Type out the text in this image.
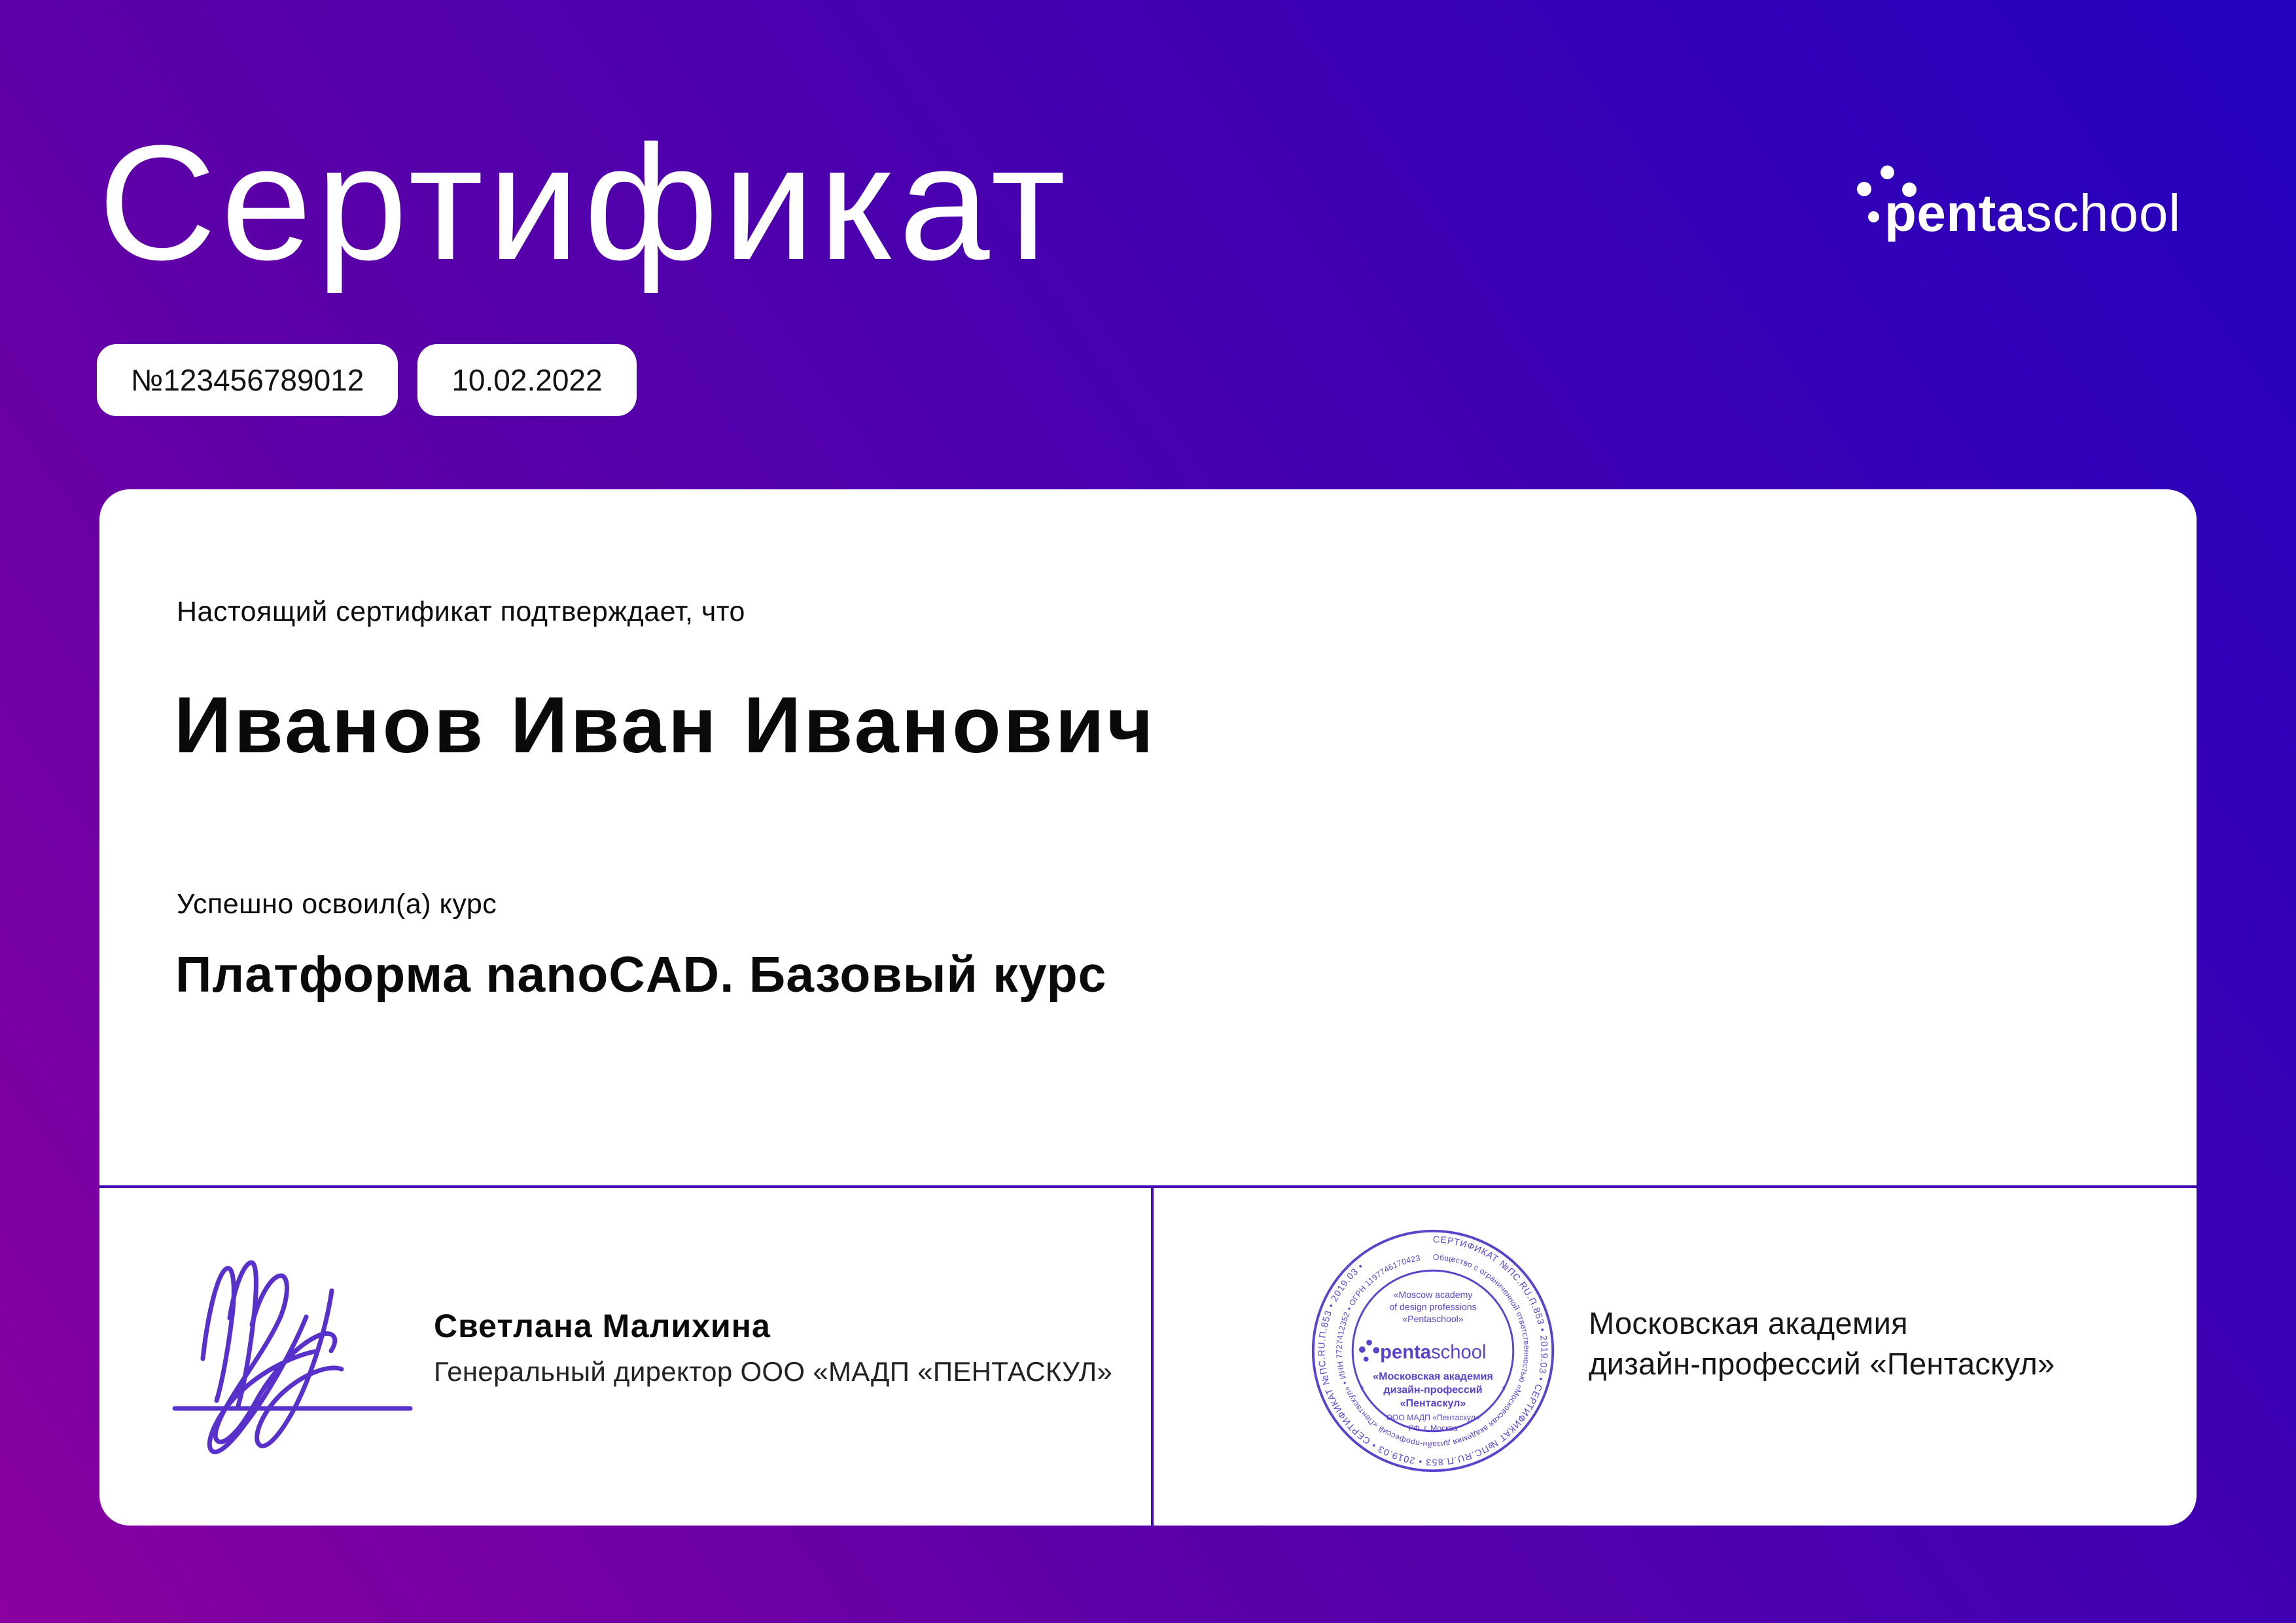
Сертификат	pentaschool
№123456789012	10.02.2022
Настоящий сертификат подтверждает, что
Иванов Иван Иванович
Успешно освоил(а) курс
Платформа nanoCAD. Базовый курс
Светлана Малихина
Генеральный директор ООО «МАДП «ПЕНТАСКУЛ»
СЕРТИФИКАТ №ПС.RU.П.853 • 2019.03 • СЕРТИФИКАТ №ПС.RU.П.853 • 2019.03 • СЕРТИФИКАТ №ПС.RU.П.853 • 2019.03 •
Общество с ограниченной ответственностью «Московская академия дизайн-профессий «Пентаскул» • ИНН 7727412352 • ОГРН 1197746170423
«Moscow academy
of design professions
«Pentaschool»
pentaschool
«Московская академия
дизайн-профессий
«Пентаскул»
*	*
ООО МАДП «Пентаскул»
РФ, г. Москва
Московская академия
дизайн-профессий «Пентаскул»
